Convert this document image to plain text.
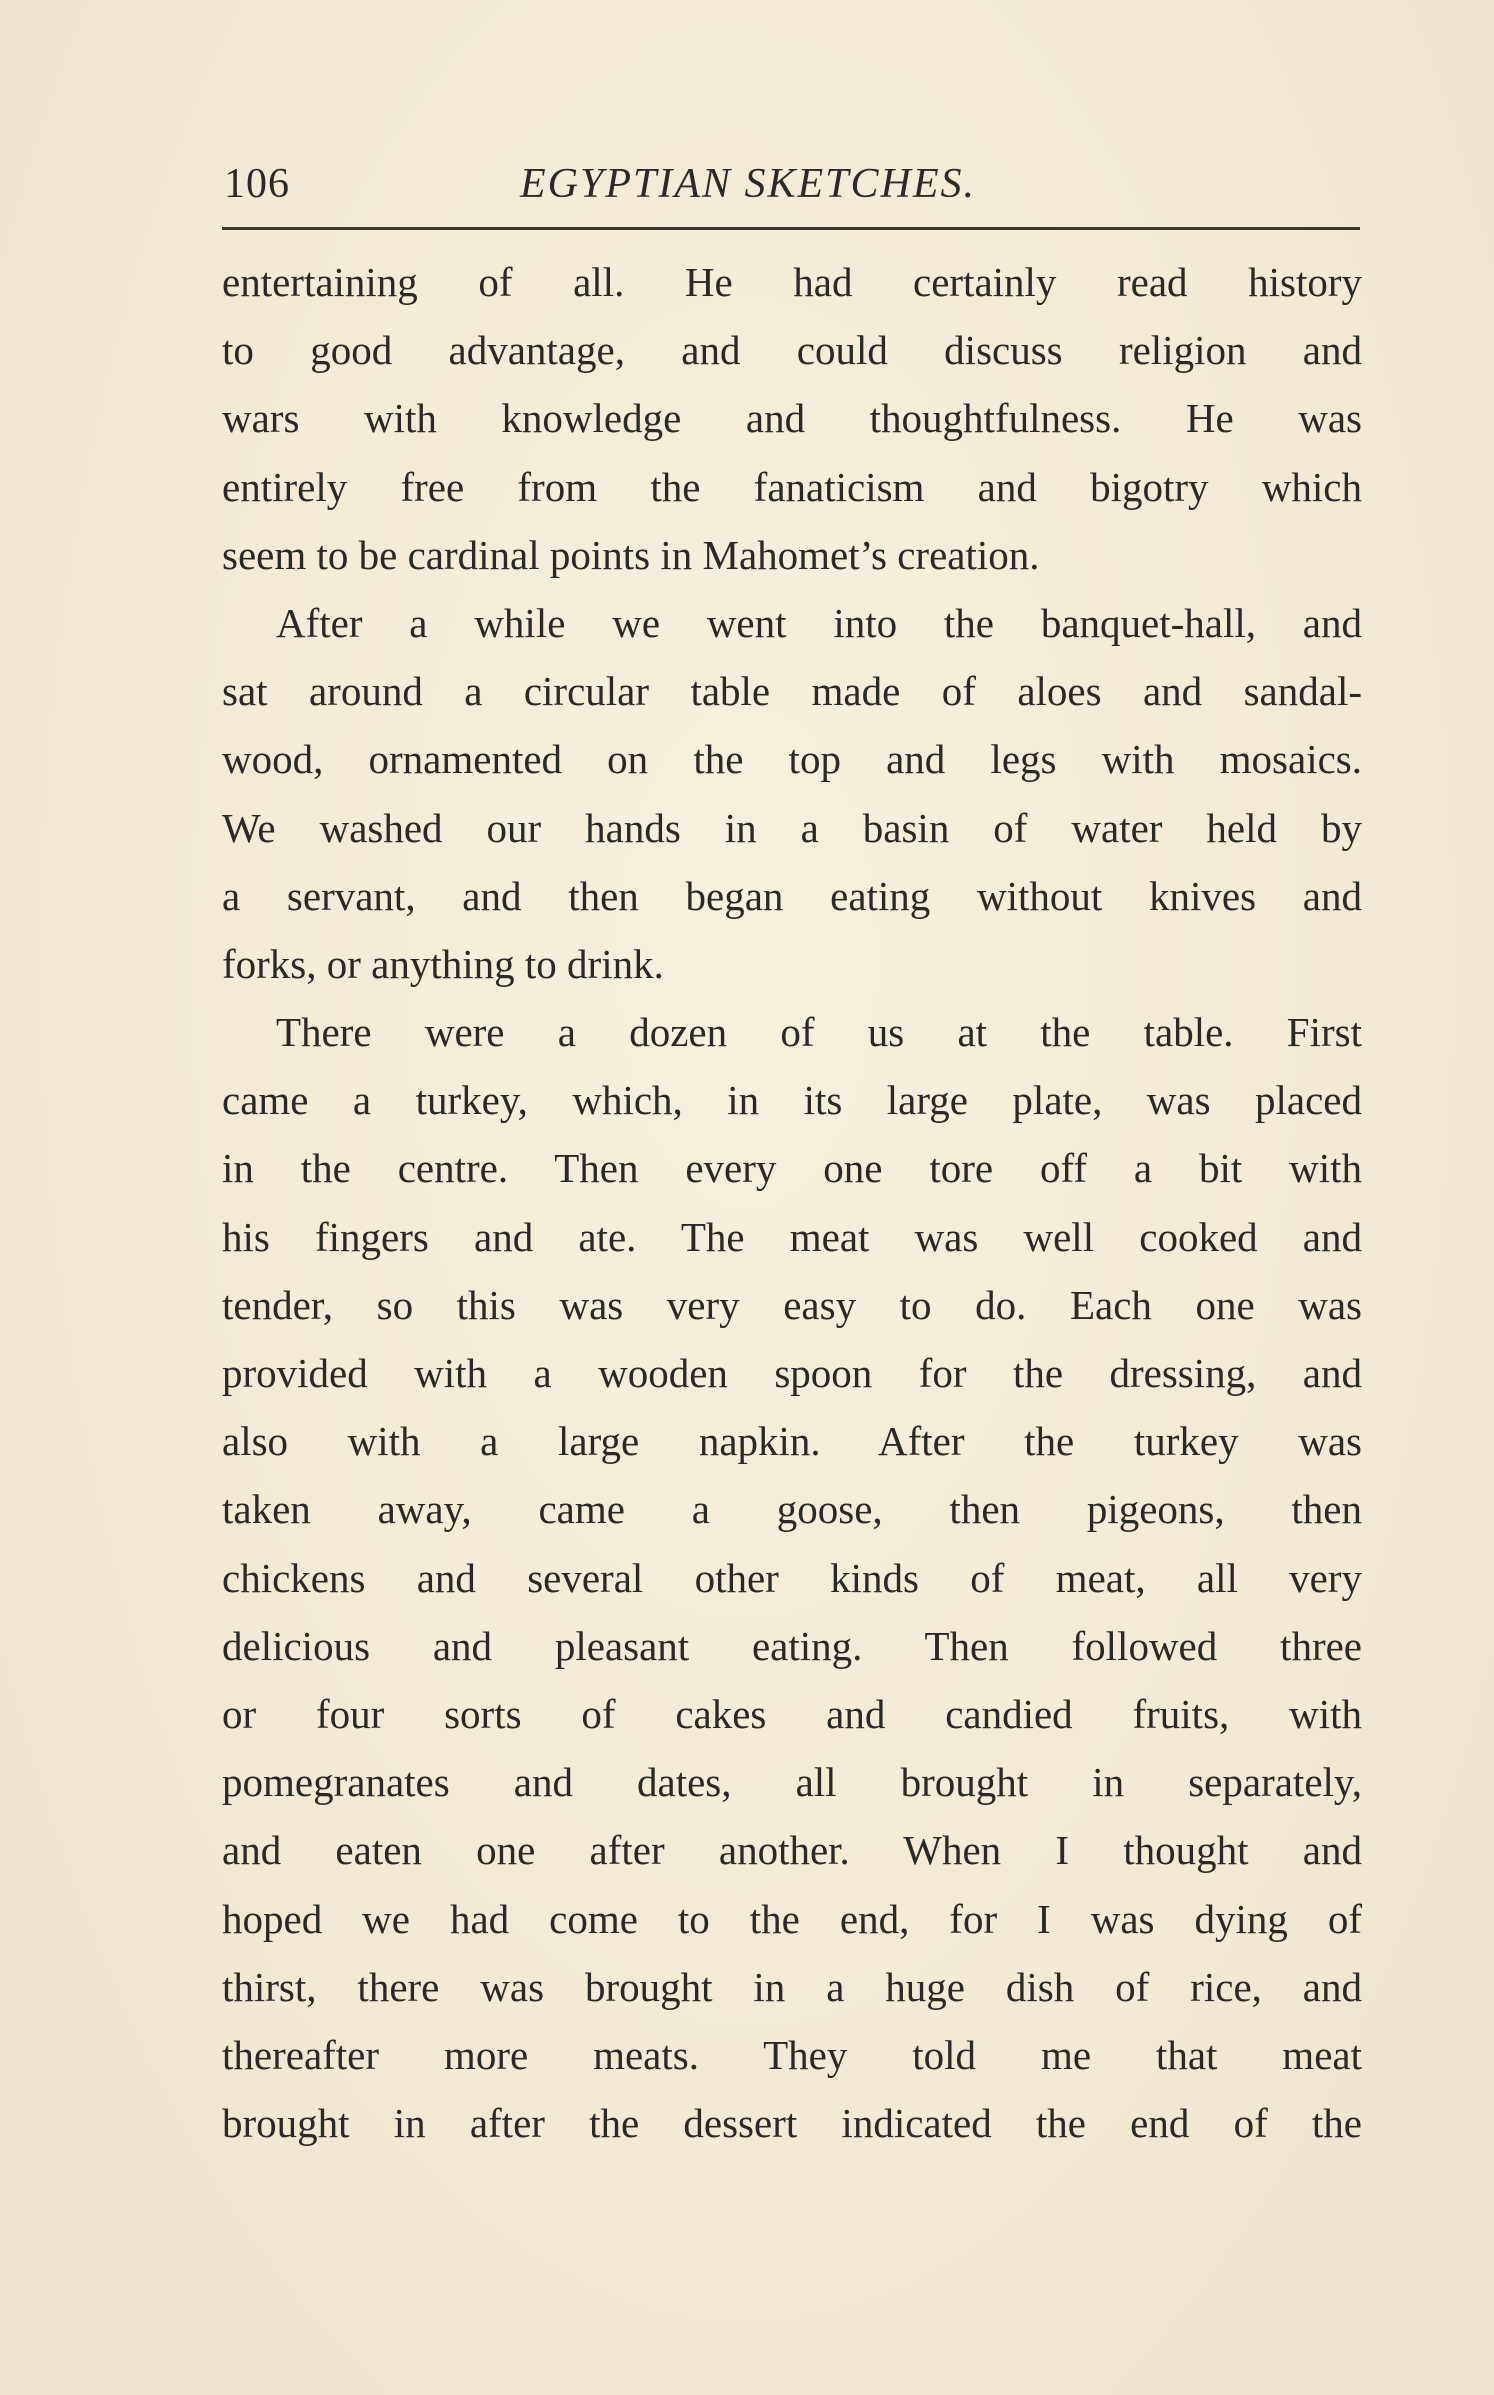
106	EGYPTIAN SKETCHES.
entertaining of all. He had certainly read history
to good advantage, and could discuss religion and
wars with knowledge and thoughtfulness. He was
entirely free from the fanaticism and bigotry which
seem to be cardinal points in Mahomet’s creation.
After a while we went into the banquet-hall, and
sat around a circular table made of aloes and sandal-
wood, ornamented on the top and legs with mosaics.
We washed our hands in a basin of water held by
a servant, and then began eating without knives and
forks, or anything to drink.
There were a dozen of us at the table. First
came a turkey, which, in its large plate, was placed
in the centre. Then every one tore off a bit with
his fingers and ate. The meat was well cooked and
tender, so this was very easy to do. Each one was
provided with a wooden spoon for the dressing, and
also with a large napkin. After the turkey was
taken away, came a goose, then pigeons, then
chickens and several other kinds of meat, all very
delicious and pleasant eating. Then followed three
or four sorts of cakes and candied fruits, with
pomegranates and dates, all brought in separately,
and eaten one after another. When I thought and
hoped we had come to the end, for I was dying of
thirst, there was brought in a huge dish of rice, and
thereafter more meats. They told me that meat
brought in after the dessert indicated the end of the
